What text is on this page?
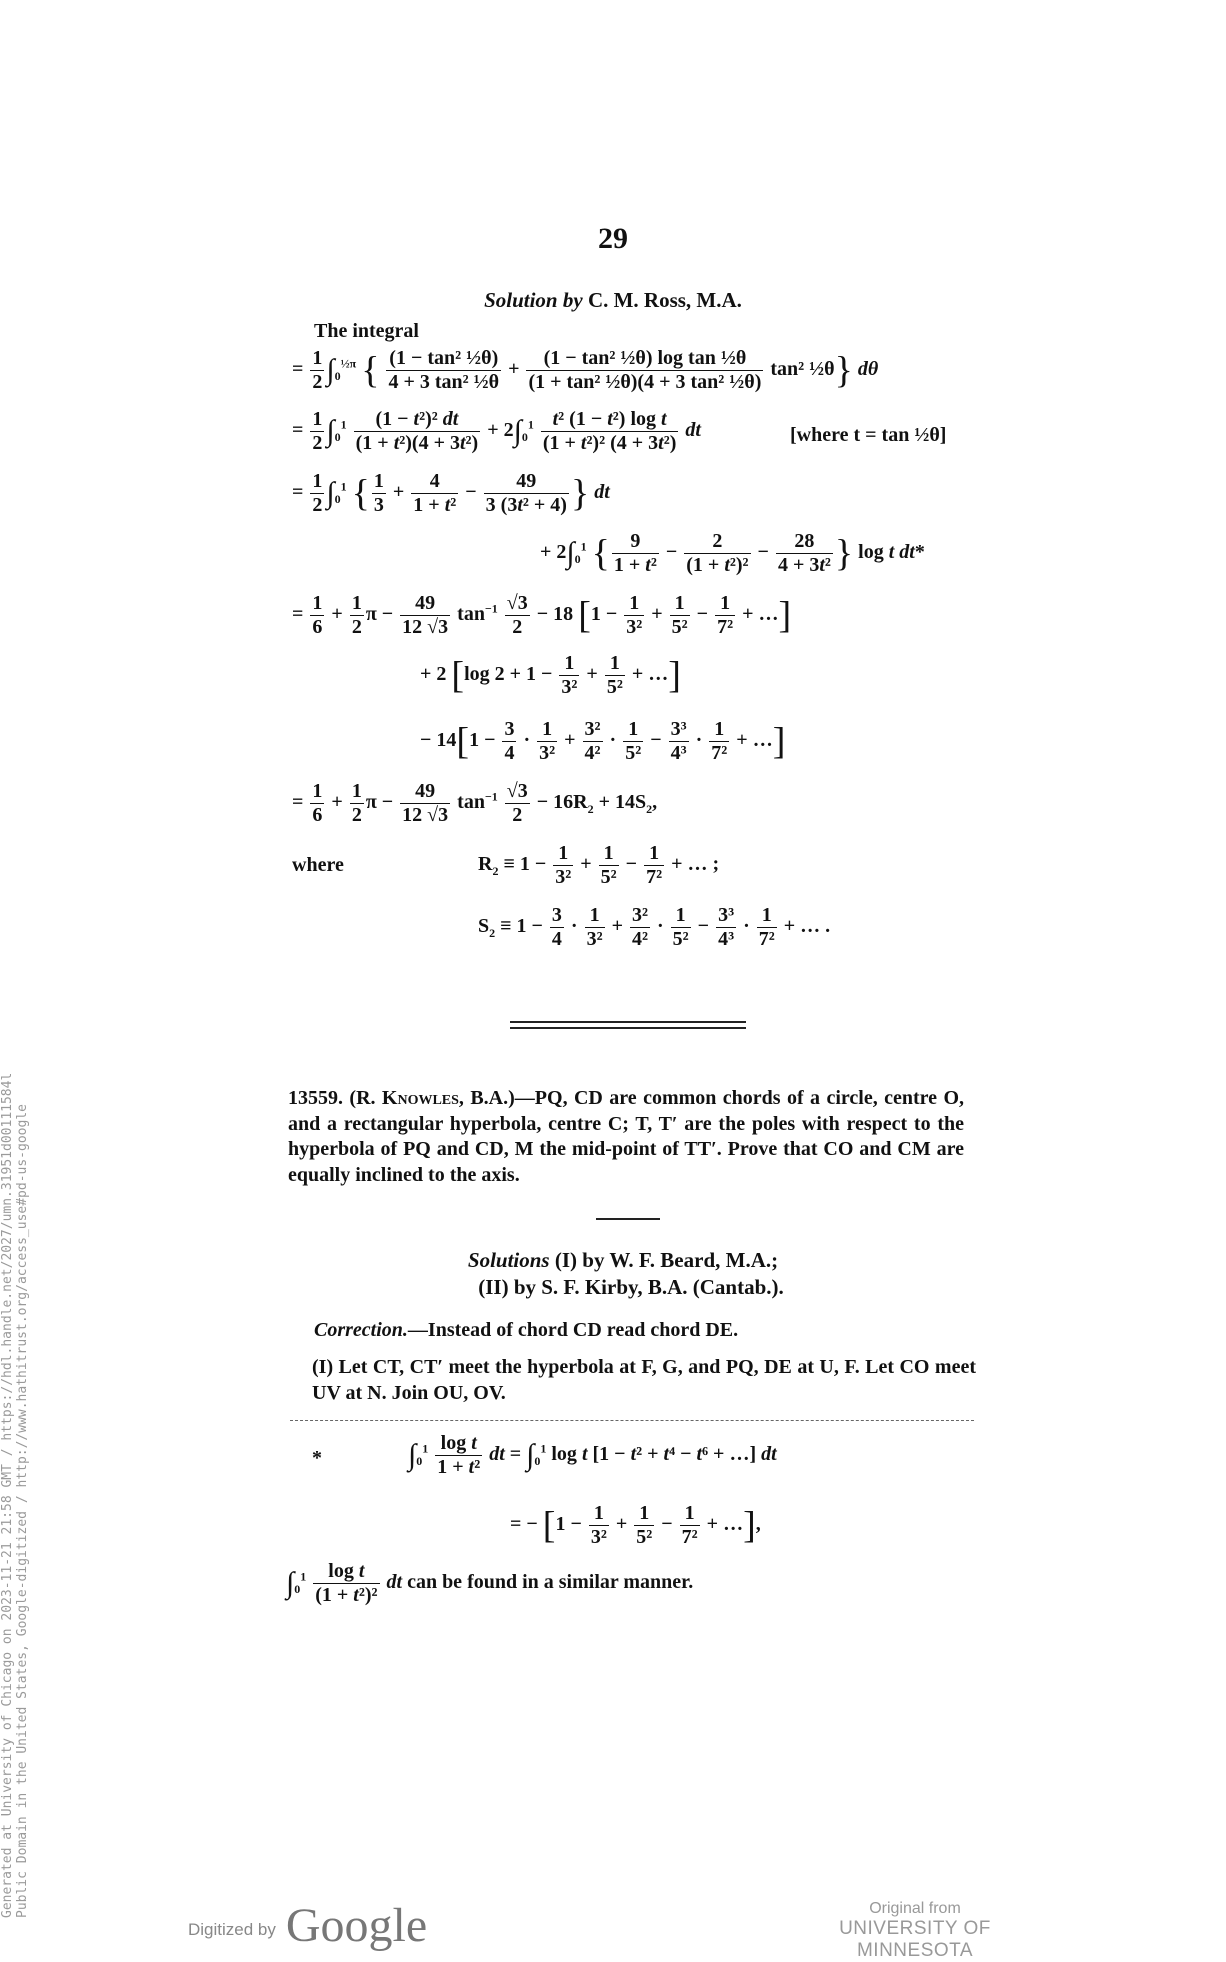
29
Solution by C. M. Ross, M.A.
The integral
= $\frac{1}{2} \int_0^{\frac{1}{2}\pi}$ { $\frac{\text{(1 − tan² ½θ)}}{\text{4 + 3 tan² ½θ}} + \frac{\text{(1 − tan² ½θ) log tan ½θ}}{\text{(1 + tan² ½θ)(4 + 3 tan² ½θ)}} \tan^2$ ½θ} dθ
= $\frac{1}{2} \int_0^1 \frac{\text{(1 − t²)² dt}}{\text{(1 + t²)(4 + 3t²)}} + 2\int_0^1 \frac{\text{t² (1 − t²) log t}}{\text{(1 + t²)² (4 + 3t²)}}$ dt	[where t = tan ½θ]
= $\frac{1}{2} \int_0^1$ { $\frac{1}{3} + \frac{4}{\text{1 + t²}} - \frac{49}{\text{3 (3t² + 4)}}$ } dt
+ $2\int_0^1$ { $\frac{9}{\text{1 + t²}} - \frac{2}{\text{(1 + t²)²}} - \frac{28}{\text{4 + 3t²}}$ } log t dt*
= $\frac{1}{6} + \frac{1}{2}$ $\pi - \frac{49}{12 √3} \tan^{-1} \frac{√3}{2} - 18$ [$1 - \frac{1}{\text{3²}} + \frac{1}{\text{5²}} - \frac{1}{\text{7²}}$ + …]
+ 2 [log $2 + 1 - \frac{1}{\text{3²}} + \frac{1}{\text{5²}}$ + …]
− $14[1 - \frac{3}{4} \cdot \frac{1}{\text{3²}} + \frac{\text{3²}}{\text{4²}} \cdot \frac{1}{\text{5²}} - \frac{\text{3³}}{\text{4³}} \cdot \frac{1}{\text{7²}}$ + …]
= $\frac{1}{6} + \frac{1}{2}$ $\pi - \frac{49}{12 √3} \tan^{-1} \frac{√3}{2} - 16R_2 + 14S_2$,
where	$R_2 \equiv 1 - \frac{1}{\text{3²}} + \frac{1}{\text{5²}} - \frac{1}{\text{7²}}$ + … ;
$S_2 \equiv 1 - \frac{3}{4} \cdot \frac{1}{\text{3²}} + \frac{\text{3²}}{\text{4²}} \cdot \frac{1}{\text{5²}} - \frac{\text{3³}}{\text{4³}} \cdot \frac{1}{\text{7²}}$ + … .
13559. (R. Knowles, B.A.)—PQ, CD are common chords of a circle, centre O, and a rectangular hyperbola, centre C; T, T′ are the poles with respect to the hyperbola of PQ and CD, M the mid-point of TT′. Prove that CO and CM are equally inclined to the axis.
Solutions (I) by W. F. Beard, M.A.;
(II) by S. F. Kirby, B.A. (Cantab.).
Correction.—Instead of chord CD read chord DE.
(I) Let CT, CT′ meet the hyperbola at F, G, and PQ, DE at U, F. Let CO meet UV at N. Join OU, OV.
*	$\int_0^1 \frac{\text{log t}}{\text{1 + t²}}$ dt = $\int_0^1$ log t [1 − t² + t⁴ − t⁶ + …] dt
= − [$1 - \frac{1}{\text{3²}} + \frac{1}{\text{5²}} - \frac{1}{\text{7²}}$ + …],
$\int_0^1 \frac{\text{log t}}{\text{(1 + t²)²}}$ dt can be found in a similar manner.
Generated at University of Chicago on 2023-11-21 21:58 GMT / https://hdl.handle.net/2027/umn.31951d00111584l Public Domain in the United States, Google-digitized / http://www.hathitrust.org/access_use#pd-us-google
Digitized by Google	Original from
UNIVERSITY OF MINNESOTA
